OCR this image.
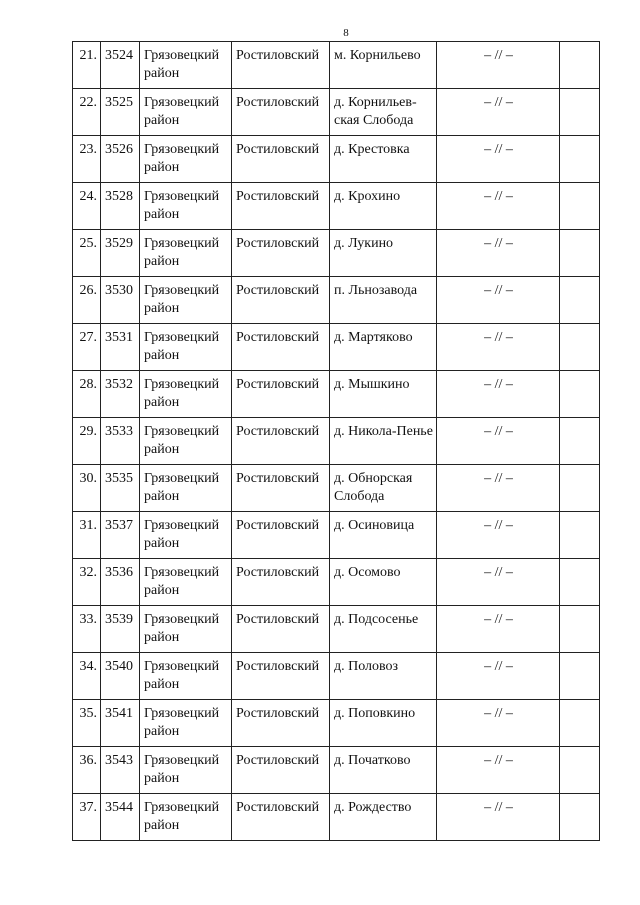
8
21.	3524	Грязовецкий район	Ростиловский	м. Корнильево	– // –	
22.	3525	Грязовецкий район	Ростиловский	д. Корнильев-ская Слобода	– // –	
23.	3526	Грязовецкий район	Ростиловский	д. Крестовка	– // –	
24.	3528	Грязовецкий район	Ростиловский	д. Крохино	– // –	
25.	3529	Грязовецкий район	Ростиловский	д. Лукино	– // –	
26.	3530	Грязовецкий район	Ростиловский	п. Льнозавода	– // –	
27.	3531	Грязовецкий район	Ростиловский	д. Мартяково	– // –	
28.	3532	Грязовецкий район	Ростиловский	д. Мышкино	– // –	
29.	3533	Грязовецкий район	Ростиловский	д. Никола-Пенье	– // –	
30.	3535	Грязовецкий район	Ростиловский	д. Обнорская Слобода	– // –	
31.	3537	Грязовецкий район	Ростиловский	д. Осиновица	– // –	
32.	3536	Грязовецкий район	Ростиловский	д. Осомово	– // –	
33.	3539	Грязовецкий район	Ростиловский	д. Подсосенье	– // –	
34.	3540	Грязовецкий район	Ростиловский	д. Половоз	– // –	
35.	3541	Грязовецкий район	Ростиловский	д. Поповкино	– // –	
36.	3543	Грязовецкий район	Ростиловский	д. Початково	– // –	
37.	3544	Грязовецкий район	Ростиловский	д. Рождество	– // –	
